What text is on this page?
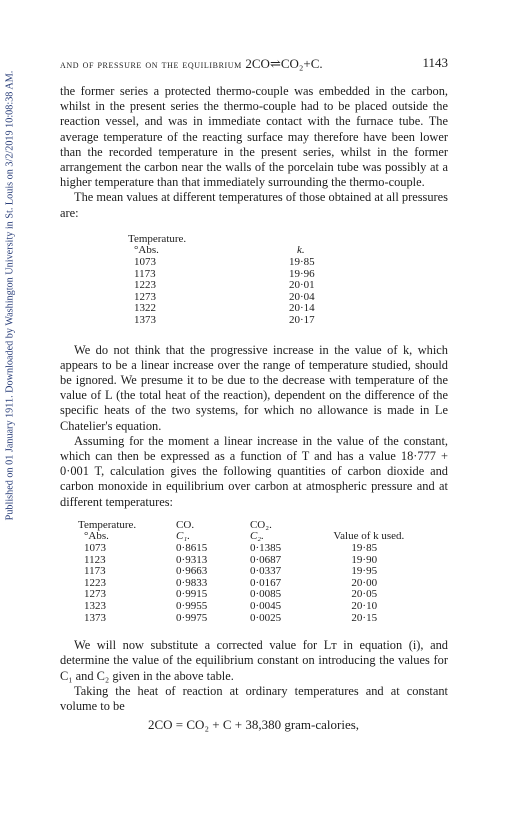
Published on 01 January 1911. Downloaded by Washington University in St. Louis on 3/2/2019 10:08:38 AM.
and of pressure on the equilibrium 2CO⇌CO₂+C.	1143

the former series a protected thermo-couple was embedded in the carbon, whilst in the present series the thermo-couple had to be placed outside the reaction vessel, and was in immediate contact with the furnace tube. The average temperature of the reacting surface may therefore have been lower than the recorded temperature in the present series, whilst in the former arrangement the carbon near the walls of the porcelain tube was possibly at a higher temperature than that immediately surrounding the thermo-couple.

The mean values at different temperatures of those obtained at all pressures are:

Temperature.	
°Abs.	k.
1073	19·85
1173	19·96
1223	20·01
1273	20·04
1322	20·14
1373	20·17

We do not think that the progressive increase in the value of k, which appears to be a linear increase over the range of temperature studied, should be ignored. We presume it to be due to the decrease with temperature of the value of L (the total heat of the reaction), dependent on the difference of the specific heats of the two systems, for which no allowance is made in Le Chatelier's equation.

Assuming for the moment a linear increase in the value of the constant, which can then be expressed as a function of T and has a value 18·777 + 0·001 T, calculation gives the following quantities of carbon dioxide and carbon monoxide in equilibrium over carbon at atmospheric pressure and at different temperatures:

Temperature.	CO.	CO₂.	
°Abs.	C₁.	C₂.	Value of k used.
1073	0·8615	0·1385	19·85
1123	0·9313	0·0687	19·90
1173	0·9663	0·0337	19·95
1223	0·9833	0·0167	20·00
1273	0·9915	0·0085	20·05
1323	0·9955	0·0045	20·10
1373	0·9975	0·0025	20·15

We will now substitute a corrected value for Lᴛ in equation (i), and determine the value of the equilibrium constant on introducing the values for C₁ and C₂ given in the above table.

Taking the heat of reaction at ordinary temperatures and at constant volume to be

2CO = CO₂ + C + 38,380 gram-calories,
